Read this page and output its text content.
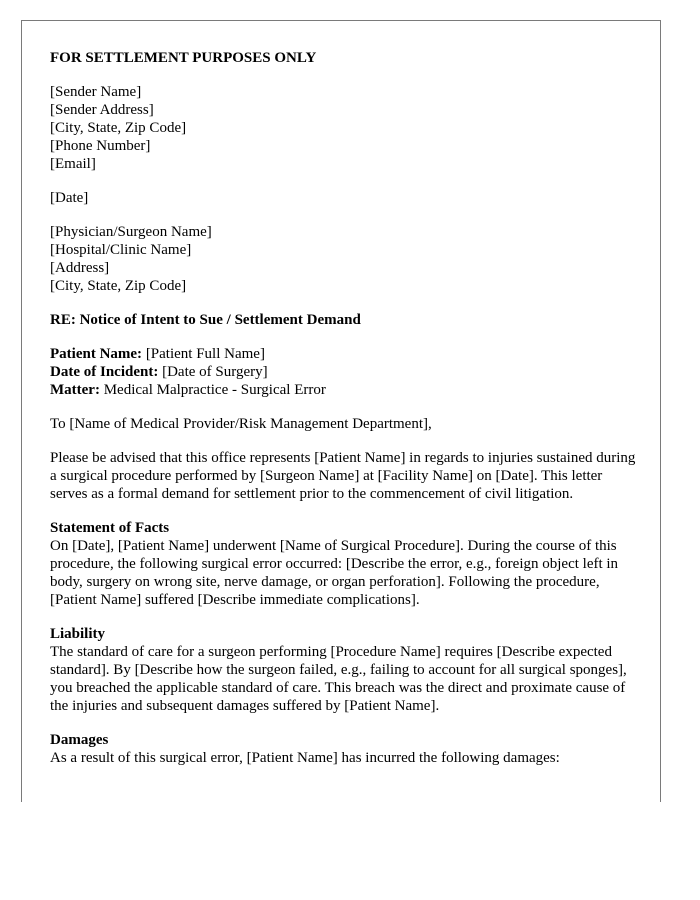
FOR SETTLEMENT PURPOSES ONLY
[Sender Name]
[Sender Address]
[City, State, Zip Code]
[Phone Number]
[Email]
[Date]
[Physician/Surgeon Name]
[Hospital/Clinic Name]
[Address]
[City, State, Zip Code]
RE: Notice of Intent to Sue / Settlement Demand
Patient Name: [Patient Full Name]
Date of Incident: [Date of Surgery]
Matter: Medical Malpractice - Surgical Error
To [Name of Medical Provider/Risk Management Department],
Please be advised that this office represents [Patient Name] in regards to injuries sustained during a surgical procedure performed by [Surgeon Name] at [Facility Name] on [Date]. This letter serves as a formal demand for settlement prior to the commencement of civil litigation.
Statement of Facts
On [Date], [Patient Name] underwent [Name of Surgical Procedure]. During the course of this procedure, the following surgical error occurred: [Describe the error, e.g., foreign object left in body, surgery on wrong site, nerve damage, or organ perforation]. Following the procedure, [Patient Name] suffered [Describe immediate complications].
Liability
The standard of care for a surgeon performing [Procedure Name] requires [Describe expected standard]. By [Describe how the surgeon failed, e.g., failing to account for all surgical sponges], you breached the applicable standard of care. This breach was the direct and proximate cause of the injuries and subsequent damages suffered by [Patient Name].
Damages
As a result of this surgical error, [Patient Name] has incurred the following damages:
